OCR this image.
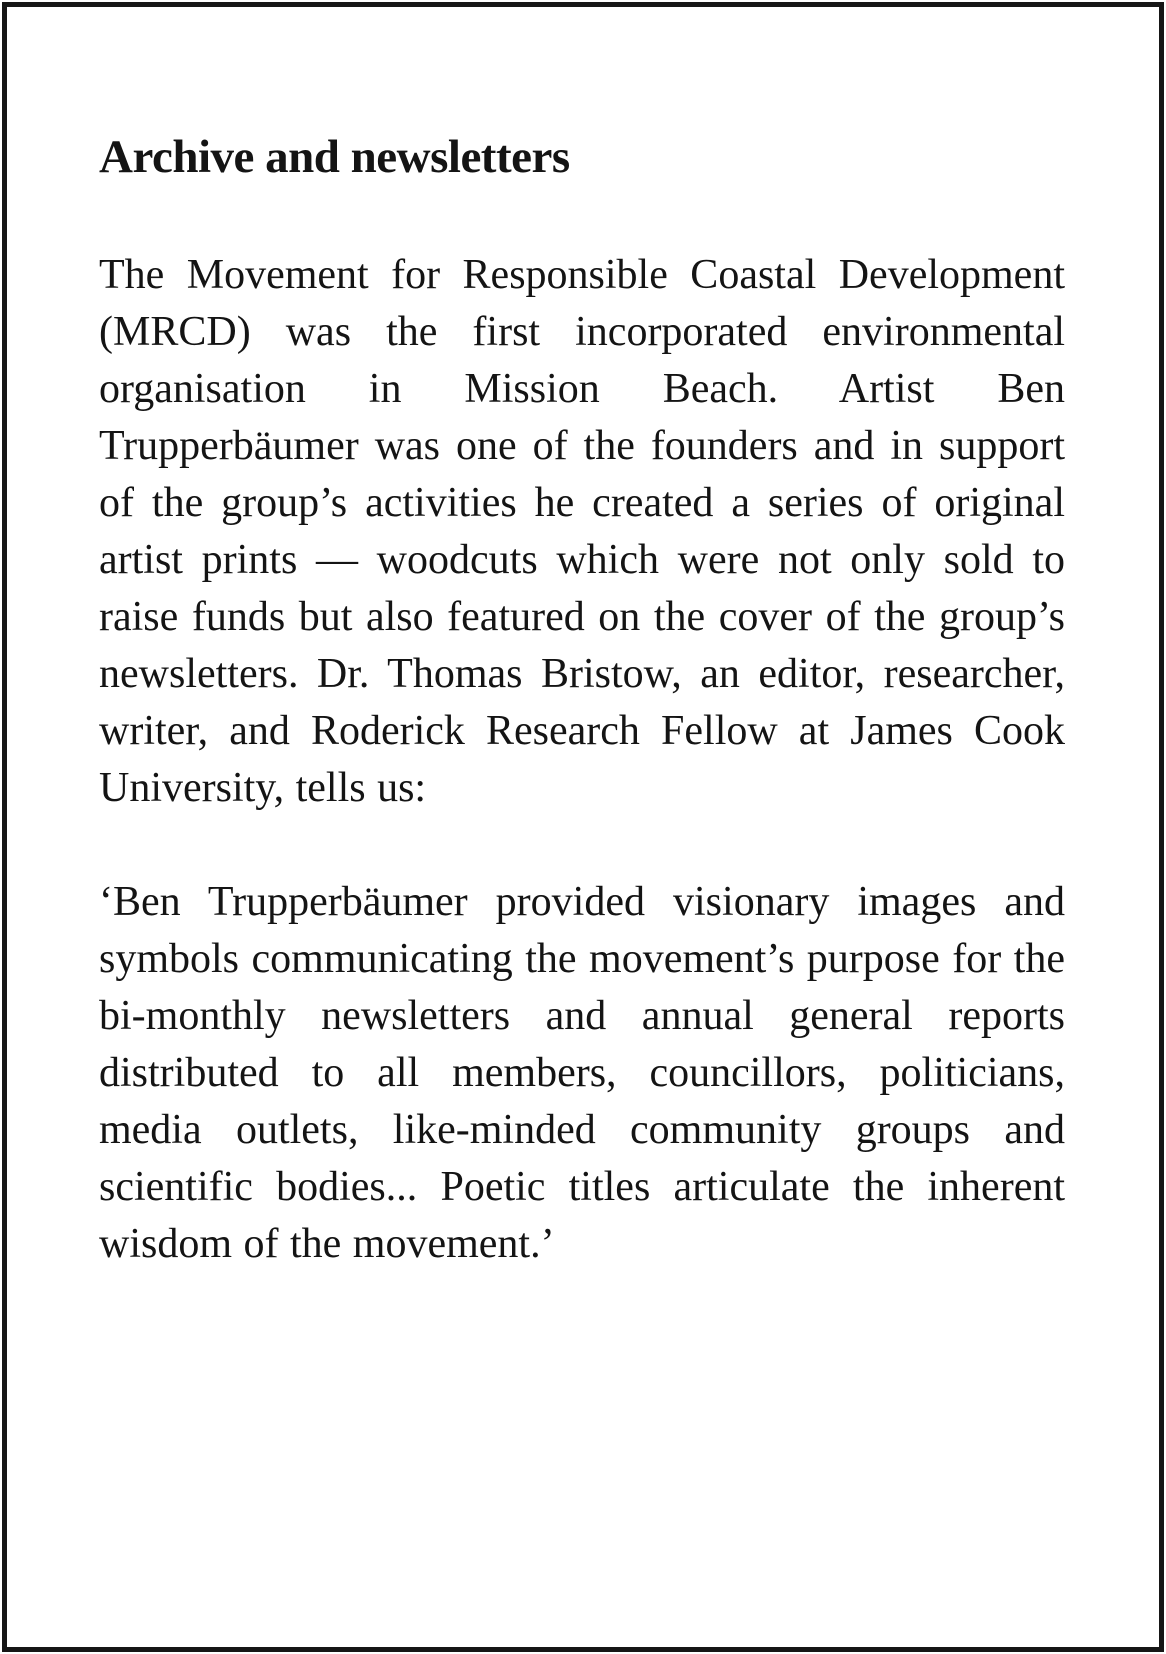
Archive and newsletters

The Movement for Responsible Coastal Development (MRCD) was the first incorporated environmental organisation in Mission Beach. Artist Ben Trupperbäumer was one of the founders and in support of the group’s activities he created a series of original artist prints — woodcuts which were not only sold to raise funds but also featured on the cover of the group’s newsletters. Dr. Thomas Bristow, an editor, researcher, writer, and Roderick Research Fellow at James Cook University, tells us:

‘Ben Trupperbäumer provided visionary images and symbols communicating the movement’s purpose for the bi-monthly newsletters and annual general reports distributed to all members, councillors, politicians, media outlets, like-minded community groups and scientific bodies... Poetic titles articulate the inherent wisdom of the movement.’
